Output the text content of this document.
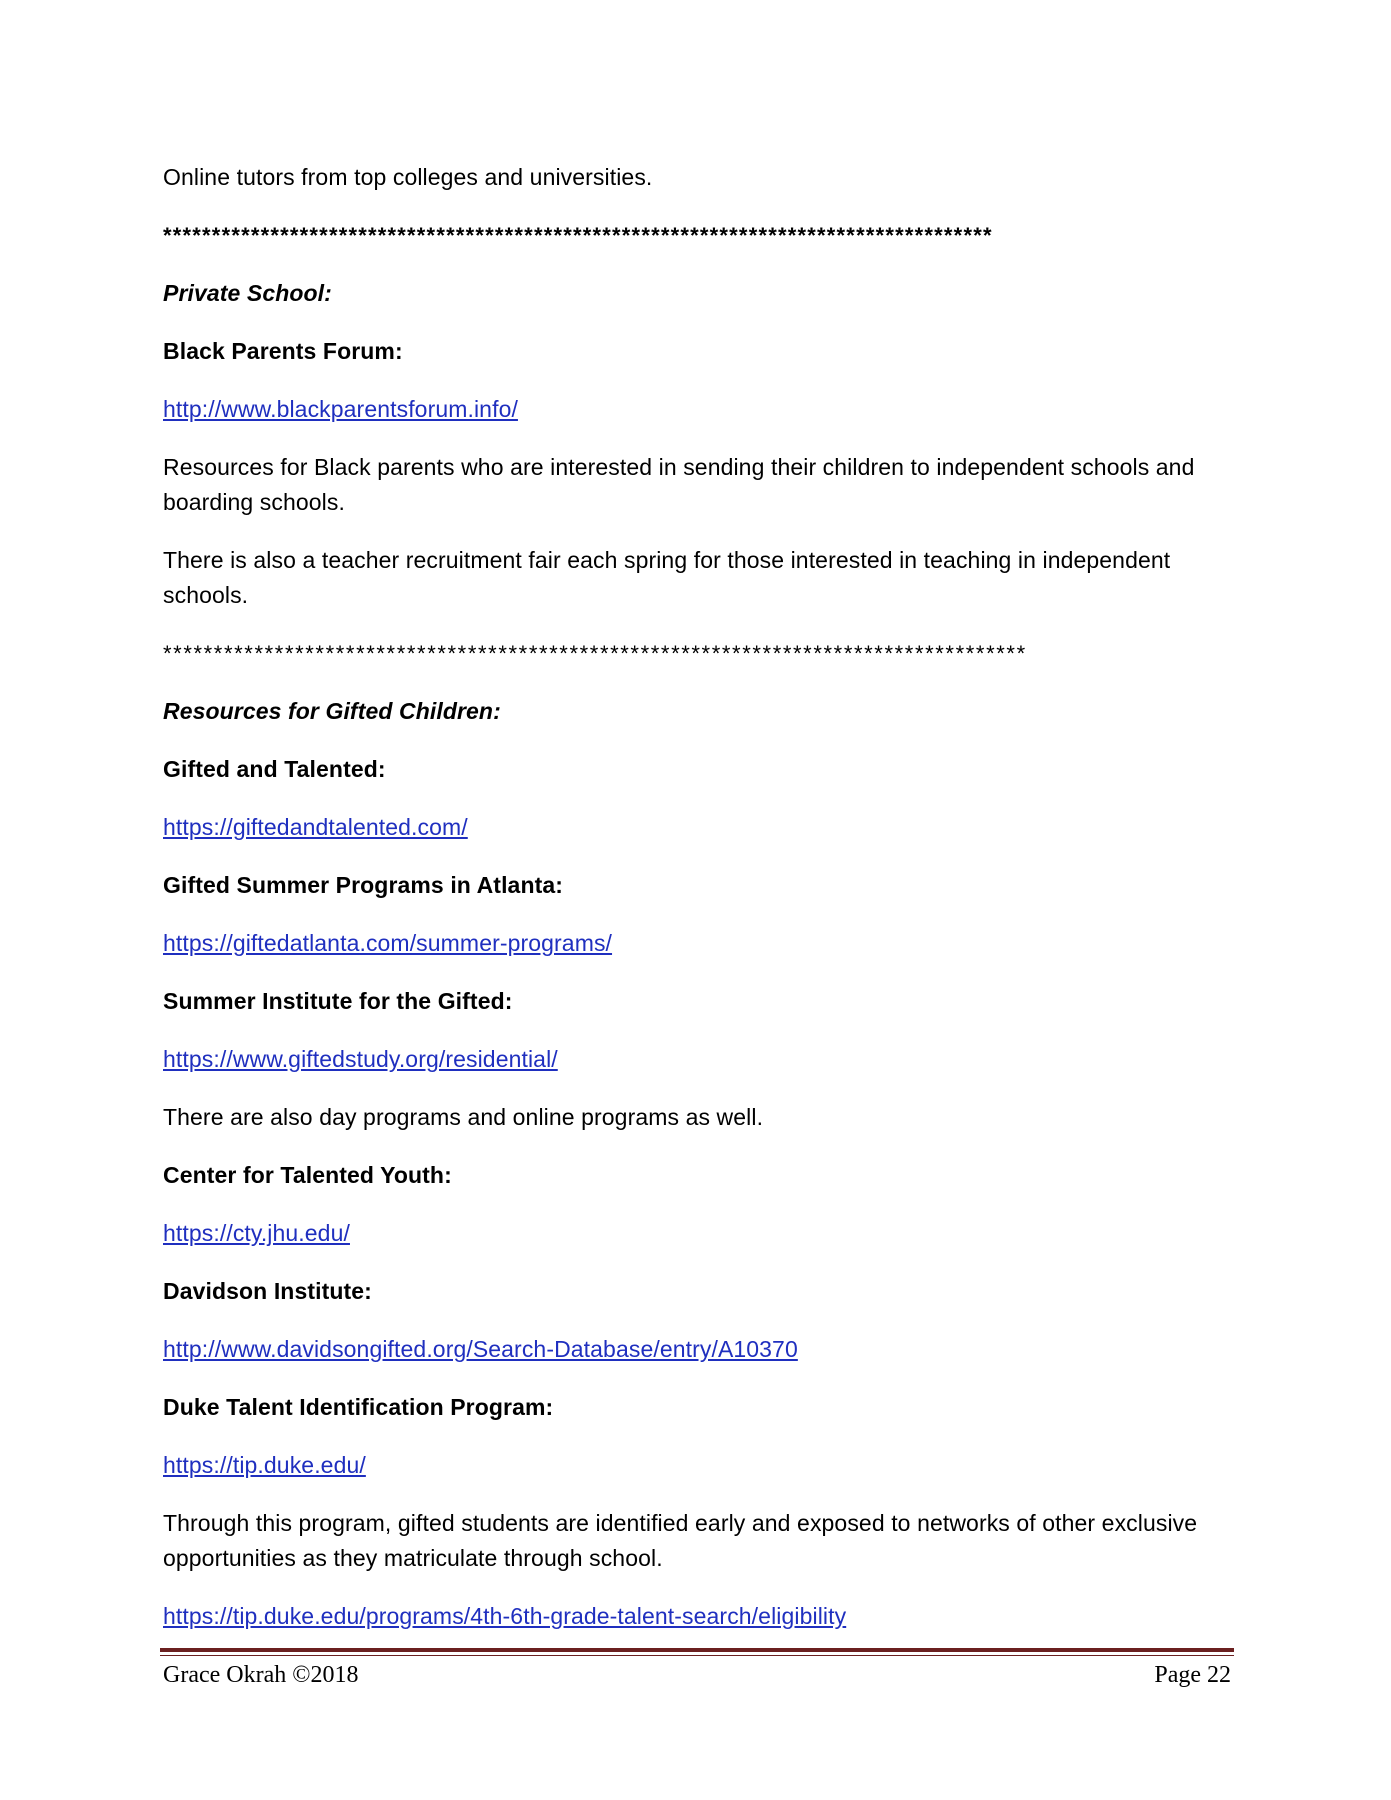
Online tutors from top colleges and universities.
*************************************************************************************
Private School:
Black Parents Forum:
http://www.blackparentsforum.info/
Resources for Black parents who are interested in sending their children to independent schools and boarding schools.
There is also a teacher recruitment fair each spring for those interested in teaching in independent schools.
*************************************************************************************
Resources for Gifted Children:
Gifted and Talented:
https://giftedandtalented.com/
Gifted Summer Programs in Atlanta:
https://giftedatlanta.com/summer-programs/
Summer Institute for the Gifted:
https://www.giftedstudy.org/residential/
There are also day programs and online programs as well.
Center for Talented Youth:
https://cty.jhu.edu/
Davidson Institute:
http://www.davidsongifted.org/Search-Database/entry/A10370
Duke Talent Identification Program:
https://tip.duke.edu/
Through this program, gifted students are identified early and exposed to networks of other exclusive opportunities as they matriculate through school.
https://tip.duke.edu/programs/4th-6th-grade-talent-search/eligibility
Grace Okrah ©2018	Page 22
